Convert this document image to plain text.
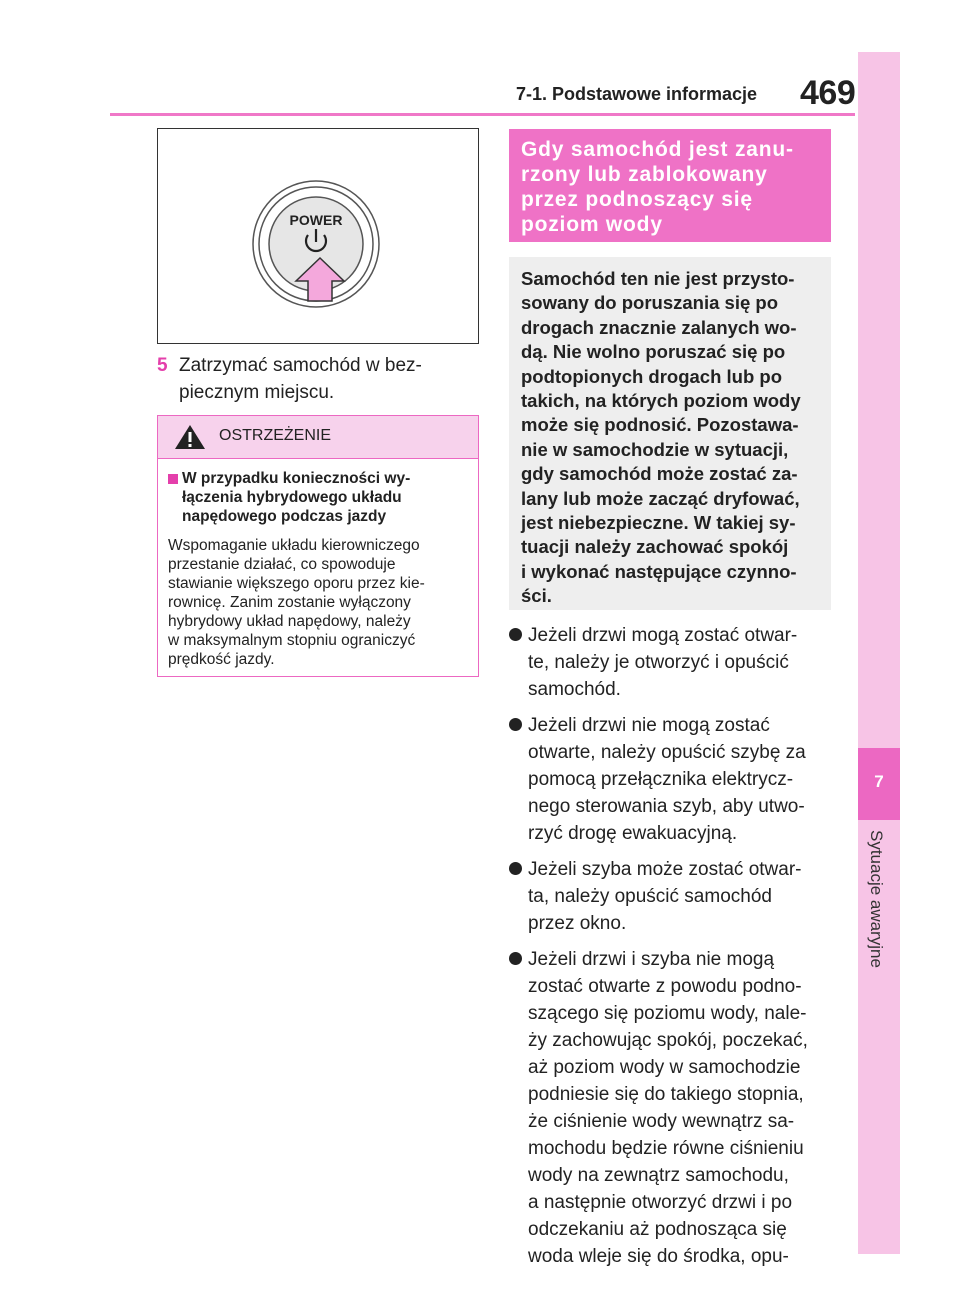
7-1. Podstawowe informacje 469
7
Sytuacje awaryjne
POWER
5 Zatrzymać samochód w bez-
piecznym miejscu.
OSTRZEŻENIE
W przypadku konieczności wy-
łączenia hybrydowego układu
napędowego podczas jazdy
Wspomaganie układu kierowniczego
przestanie działać, co spowoduje
stawianie większego oporu przez kie-
rownicę. Zanim zostanie wyłączony
hybrydowy układ napędowy, należy
w maksymalnym stopniu ograniczyć
prędkość jazdy.
Gdy samochód jest zanu-
rzony lub zablokowany
przez podnoszący się
poziom wody
Samochód ten nie jest przysto-
sowany do poruszania się po
drogach znacznie zalanych wo-
dą. Nie wolno poruszać się po
podtopionych drogach lub po
takich, na których poziom wody
może się podnosić. Pozostawa-
nie w samochodzie w sytuacji,
gdy samochód może zostać za-
lany lub może zacząć dryfować,
jest niebezpieczne. W takiej sy-
tuacji należy zachować spokój
i wykonać następujące czynno-
ści.
Jeżeli drzwi mogą zostać otwar-
te, należy je otworzyć i opuścić
samochód.
Jeżeli drzwi nie mogą zostać
otwarte, należy opuścić szybę za
pomocą przełącznika elektrycz-
nego sterowania szyb, aby utwo-
rzyć drogę ewakuacyjną.
Jeżeli szyba może zostać otwar-
ta, należy opuścić samochód
przez okno.
Jeżeli drzwi i szyba nie mogą
zostać otwarte z powodu podno-
szącego się poziomu wody, nale-
ży zachowując spokój, poczekać,
aż poziom wody w samochodzie
podniesie się do takiego stopnia,
że ciśnienie wody wewnątrz sa-
mochodu będzie równe ciśnieniu
wody na zewnątrz samochodu,
a następnie otworzyć drzwi i po
odczekaniu aż podnosząca się
woda wleje się do środka, opu-
